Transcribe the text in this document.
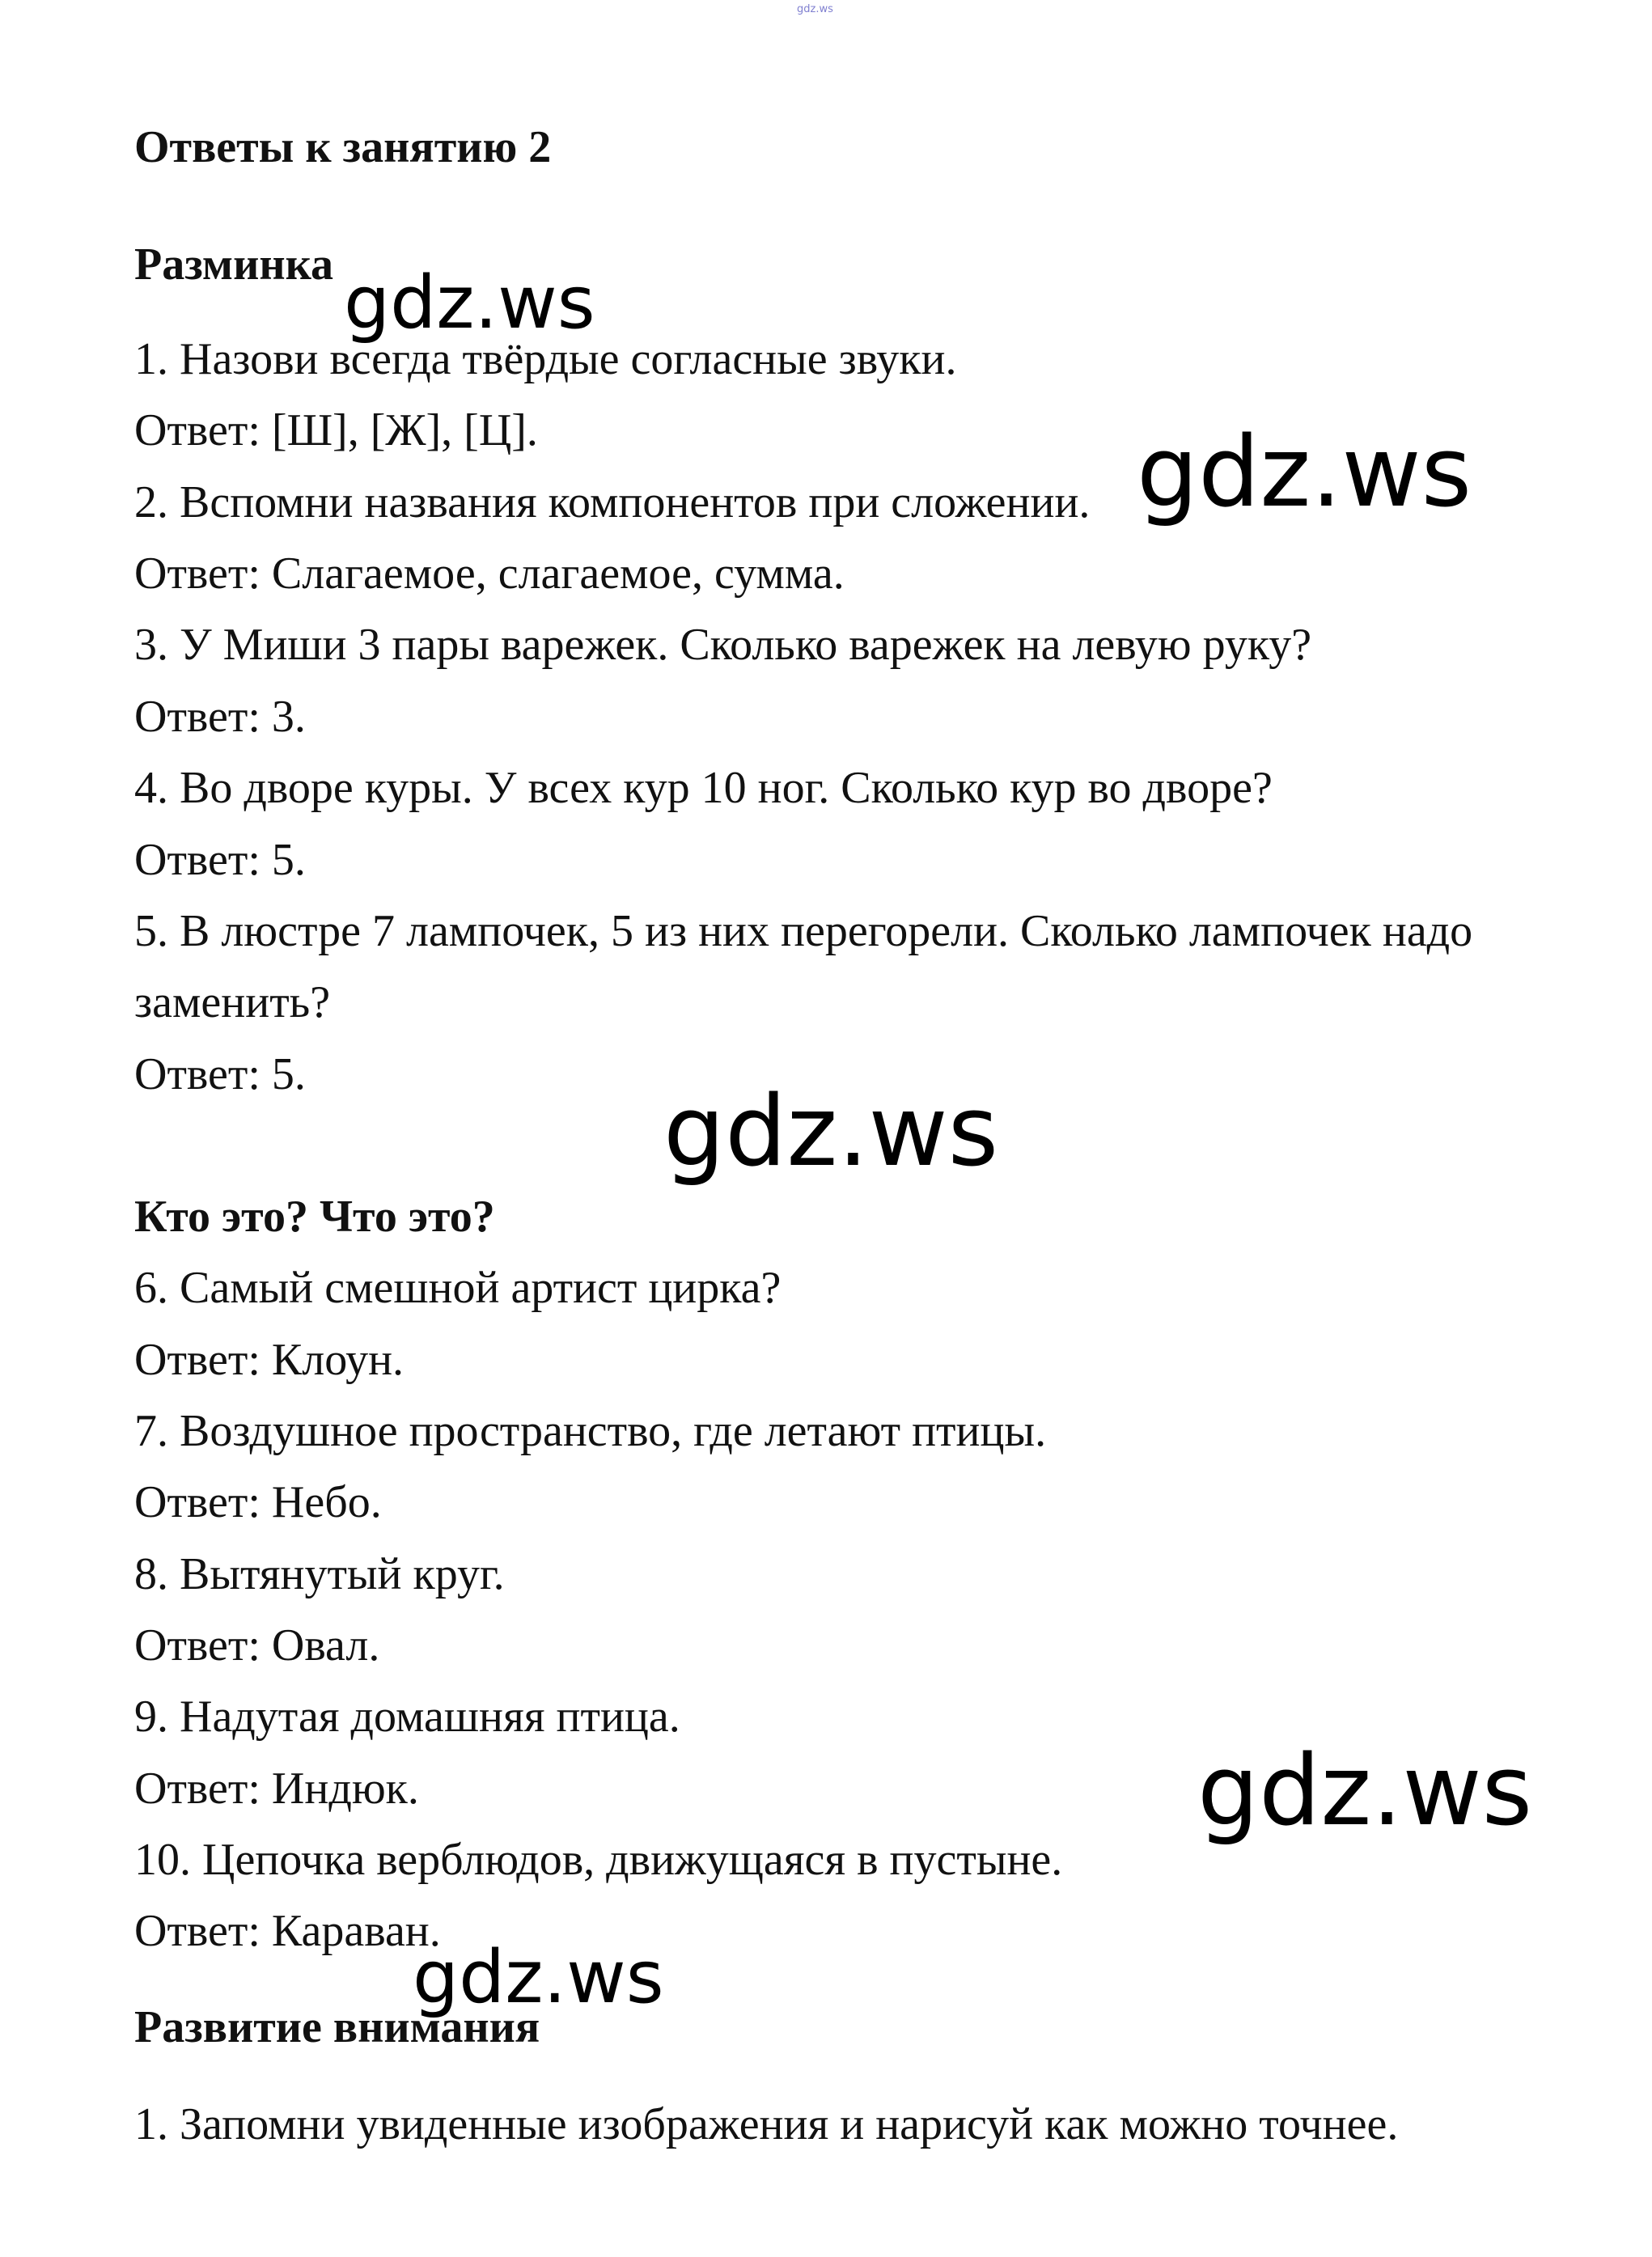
gdz.ws
Ответы к занятию 2
Разминка
1. Назови всегда твёрдые согласные звуки.
Ответ: [Ш], [Ж], [Ц].
2. Вспомни названия компонентов при сложении.
Ответ: Слагаемое, слагаемое, сумма.
3. У Миши 3 пары варежек. Сколько варежек на левую руку?
Ответ: 3.
4. Во дворе куры. У всех кур 10 ног. Сколько кур во дворе?
Ответ: 5.
5. В люстре 7 лампочек, 5 из них перегорели. Сколько лампочек надо
заменить?
Ответ: 5.
Кто это? Что это?
6. Самый смешной артист цирка?
Ответ: Клоун.
7. Воздушное пространство, где летают птицы.
Ответ: Небо.
8. Вытянутый круг.
Ответ: Овал.
9. Надутая домашняя птица.
Ответ: Индюк.
10. Цепочка верблюдов, движущаяся в пустыне.
Ответ: Караван.
Развитие внимания
1. Запомни увиденные изображения и нарисуй как можно точнее.
gdz.ws
gdz.ws
gdz.ws
gdz.ws
gdz.ws
